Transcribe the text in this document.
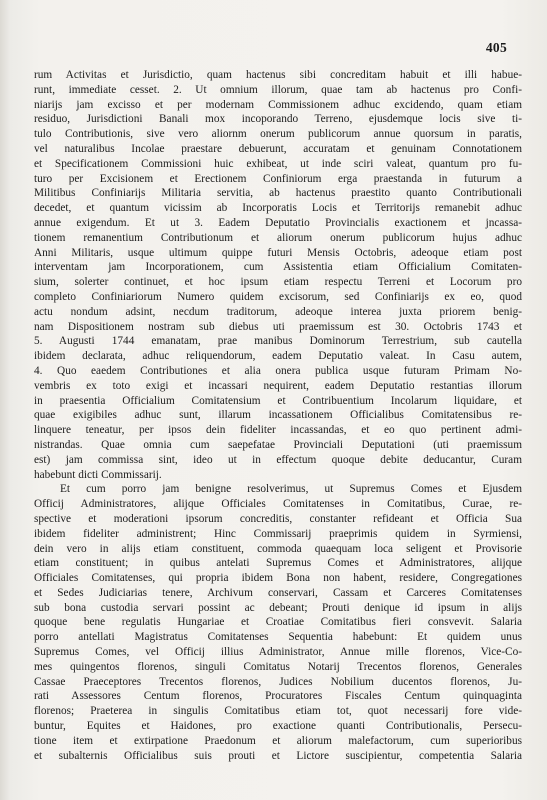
405
rum Activitas et Jurisdictio, quam hactenus sibi concreditam habuit et illi habue-
runt, immediate cesset. 2. Ut omnium illorum, quae tam ab hactenus pro Confi-
niarijs jam excisso et per modernam Commissionem adhuc excidendo, quam etiam
residuo, Jurisdictioni Banali mox incoporando Terreno, ejusdemque locis sive ti-
tulo Contributionis, sive vero aliornm onerum publicorum annue quorsum in paratis,
vel naturalibus Incolae praestare debuerunt, accuratam et genuinam Connotationem
et Specificationem Commissioni huic exhibeat, ut inde sciri valeat, quantum pro fu-
turo per Excisionem et Erectionem Confiniorum erga praestanda in futurum a
Militibus Confiniarijs Militaria servitia, ab hactenus praestito quanto Contributionali
decedet, et quantum vicissim ab Incorporatis Locis et Territorijs remanebit adhuc
annue exigendum. Et ut 3. Eadem Deputatio Provincialis exactionem et jncassa-
tionem remanentium Contributionum et aliorum onerum publicorum hujus adhuc
Anni Militaris, usque ultimum quippe futuri Mensis Octobris, adeoque etiam post
interventam jam Incorporationem, cum Assistentia etiam Officialium Comitaten-
sium, solerter continuet, et hoc ipsum etiam respectu Terreni et Locorum pro
completo Confiniariorum Numero quidem excisorum, sed Confiniarijs ex eo, quod
actu nondum adsint, necdum traditorum, adeoque interea juxta priorem benig-
nam Dispositionem nostram sub diebus uti praemissum est 30. Octobris 1743 et
5. Augusti 1744 emanatam, prae manibus Dominorum Terrestrium, sub cautella
ibidem declarata, adhuc reliquendorum, eadem Deputatio valeat. In Casu autem,
4. Quo eaedem Contributiones et alia onera publica usque futuram Primam No-
vembris ex toto exigi et incassari nequirent, eadem Deputatio restantias illorum
in praesentia Officialium Comitatensium et Contribuentium Incolarum liquidare, et
quae exigibiles adhuc sunt, illarum incassationem Officialibus Comitatensibus re-
linquere teneatur, per ipsos dein fideliter incassandas, et eo quo pertinent admi-
nistrandas. Quae omnia cum saepefatae Provinciali Deputationi (uti praemissum
est) jam commissa sint, ideo ut in effectum quoque debite deducantur, Curam
habebunt dicti Commissarij.
Et cum porro jam benigne resolverimus, ut Supremus Comes et Ejusdem
Officij Administratores, alijque Officiales Comitatenses in Comitatibus, Curae, re-
spective et moderationi ipsorum concreditis, constanter refideant et Officia Sua
ibidem fideliter administrent; Hinc Commissarij praeprimis quidem in Syrmiensi,
dein vero in alijs etiam constituent, commoda quaequam loca seligent et Provisorie
etiam constituent; in quibus antelati Supremus Comes et Administratores, alijque
Officiales Comitatenses, qui propria ibidem Bona non habent, residere, Congregationes
et Sedes Judiciarias tenere, Archivum conservari, Cassam et Carceres Comitatenses
sub bona custodia servari possint ac debeant; Prouti denique id ipsum in alijs
quoque bene regulatis Hungariae et Croatiae Comitatibus fieri consvevit. Salaria
porro antellati Magistratus Comitatenses Sequentia habebunt: Et quidem unus
Supremus Comes, vel Officij illius Administrator, Annue mille florenos, Vice-Co-
mes quingentos florenos, singuli Comitatus Notarij Trecentos florenos, Generales
Cassae Praeceptores Trecentos florenos, Judices Nobilium ducentos florenos, Ju-
rati Assessores Centum florenos, Procuratores Fiscales Centum quinquaginta
florenos; Praeterea in singulis Comitatibus etiam tot, quot necessarij fore vide-
buntur, Equites et Haidones, pro exactione quanti Contributionalis, Persecu-
tione item et extirpatione Praedonum et aliorum malefactorum, cum superioribus
et subalternis Officialibus suis prouti et Lictore suscipientur, competentia Salaria
